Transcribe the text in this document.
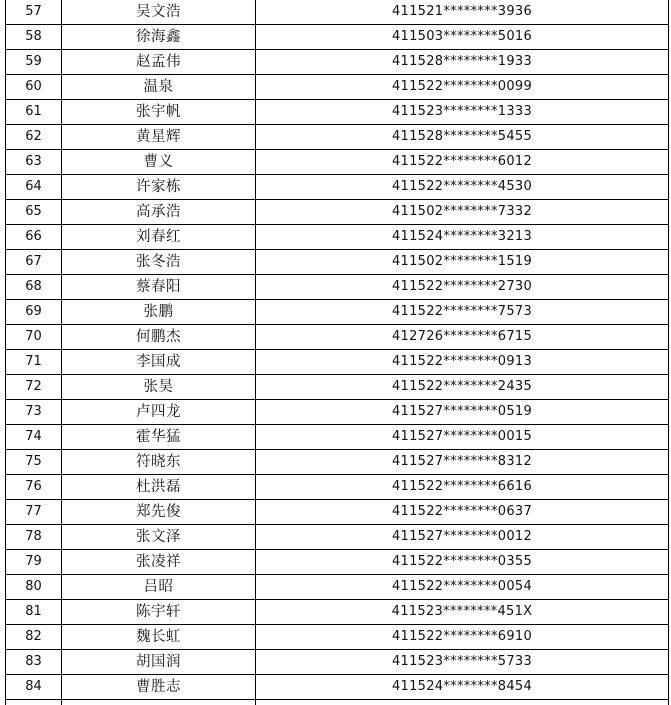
57	吴文浩	411521********3936
58	徐海鑫	411503********5016
59	赵孟伟	411528********1933
60	温泉	411522********0099
61	张宇帆	411523********1333
62	黄星辉	411528********5455
63	曹义	411522********6012
64	许家栋	411522********4530
65	高承浩	411502********7332
66	刘春红	411524********3213
67	张冬浩	411502********1519
68	蔡春阳	411522********2730
69	张鹏	411522********7573
70	何鹏杰	412726********6715
71	李国成	411522********0913
72	张昊	411522********2435
73	卢四龙	411527********0519
74	霍华猛	411527********0015
75	符晓东	411527********8312
76	杜洪磊	411522********6616
77	郑先俊	411522********0637
78	张文泽	411527********0012
79	张凌祥	411522********0355
80	吕昭	411522********0054
81	陈宇轩	411523********451X
82	魏长虹	411522********6910
83	胡国润	411523********5733
84	曹胜志	411524********8454
